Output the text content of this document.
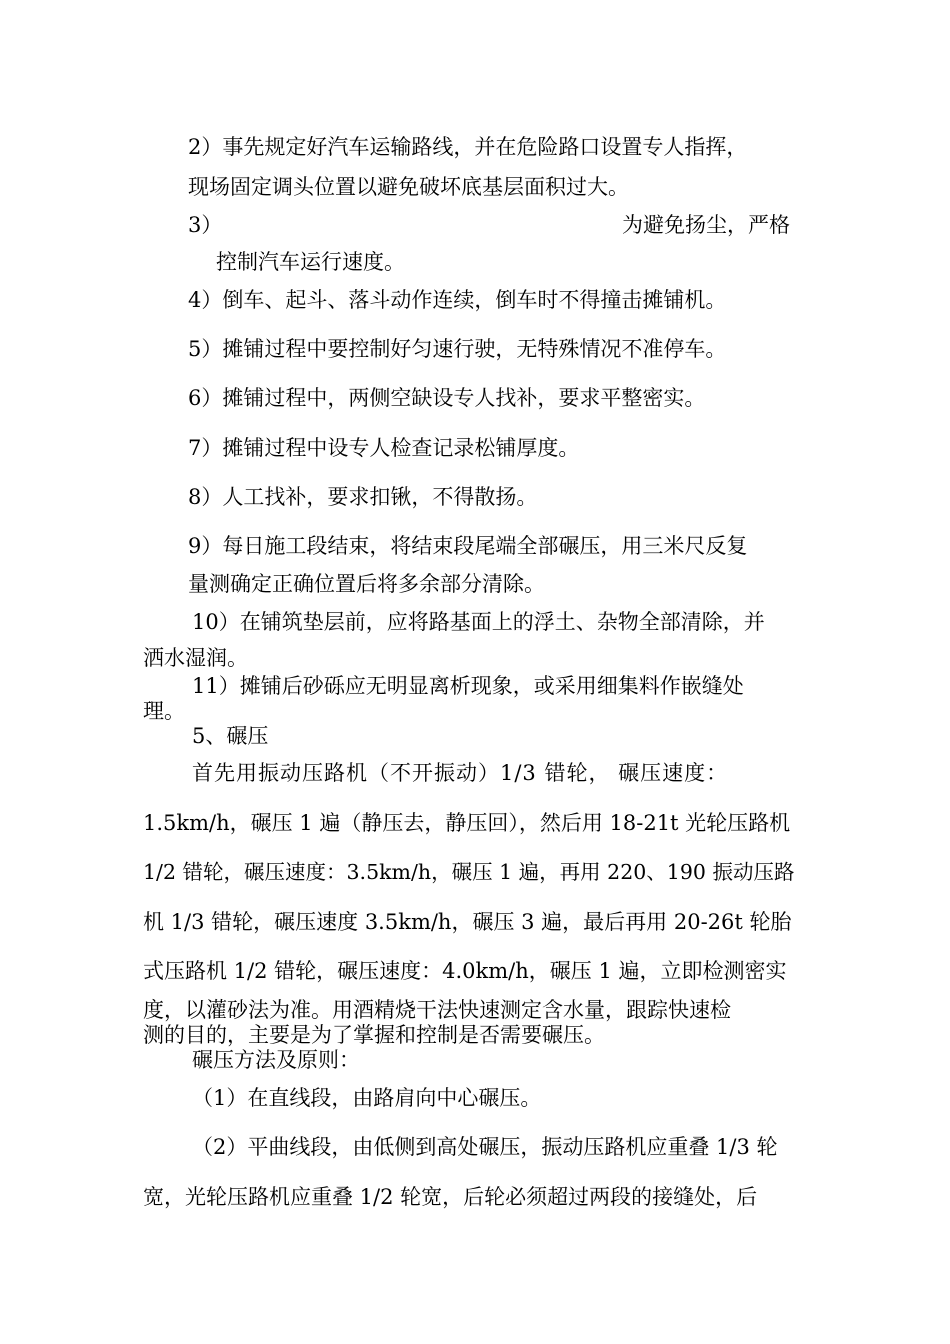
2）事先规定好汽车运输路线，并在危险路口设置专人指挥，
现场固定调头位置以避免破坏底基层面积过大。
3）	为避免扬尘，严格
控制汽车运行速度。
4）倒车、起斗、落斗动作连续，倒车时不得撞击摊铺机。
5）摊铺过程中要控制好匀速行驶，无特殊情况不准停车。
6）摊铺过程中，两侧空缺设专人找补，要求平整密实。
7）摊铺过程中设专人检查记录松铺厚度。
8）人工找补，要求扣锹，不得散扬。
9）每日施工段结束，将结束段尾端全部碾压，用三米尺反复
量测确定正确位置后将多余部分清除。
10）在铺筑垫层前，应将路基面上的浮土、杂物全部清除，并
洒水湿润。
11）摊铺后砂砾应无明显离析现象，或采用细集料作嵌缝处
理。
5、碾压
首先用振动压路机（不开振动）1/3 错轮， 碾压速度：
1.5km/h，碾压 1 遍（静压去，静压回），然后用 18-21t 光轮压路机
1/2 错轮，碾压速度：3.5km/h，碾压 1 遍，再用 220、190 振动压路
机 1/3 错轮，碾压速度 3.5km/h，碾压 3 遍，最后再用 20-26t 轮胎
式压路机 1/2 错轮，碾压速度：4.0km/h，碾压 1 遍，立即检测密实
度，以灌砂法为准。用酒精烧干法快速测定含水量，跟踪快速检
测的目的，主要是为了掌握和控制是否需要碾压。
碾压方法及原则：
（1）在直线段，由路肩向中心碾压。
（2）平曲线段，由低侧到高处碾压，振动压路机应重叠 1/3 轮
宽，光轮压路机应重叠 1/2 轮宽，后轮必须超过两段的接缝处，后
